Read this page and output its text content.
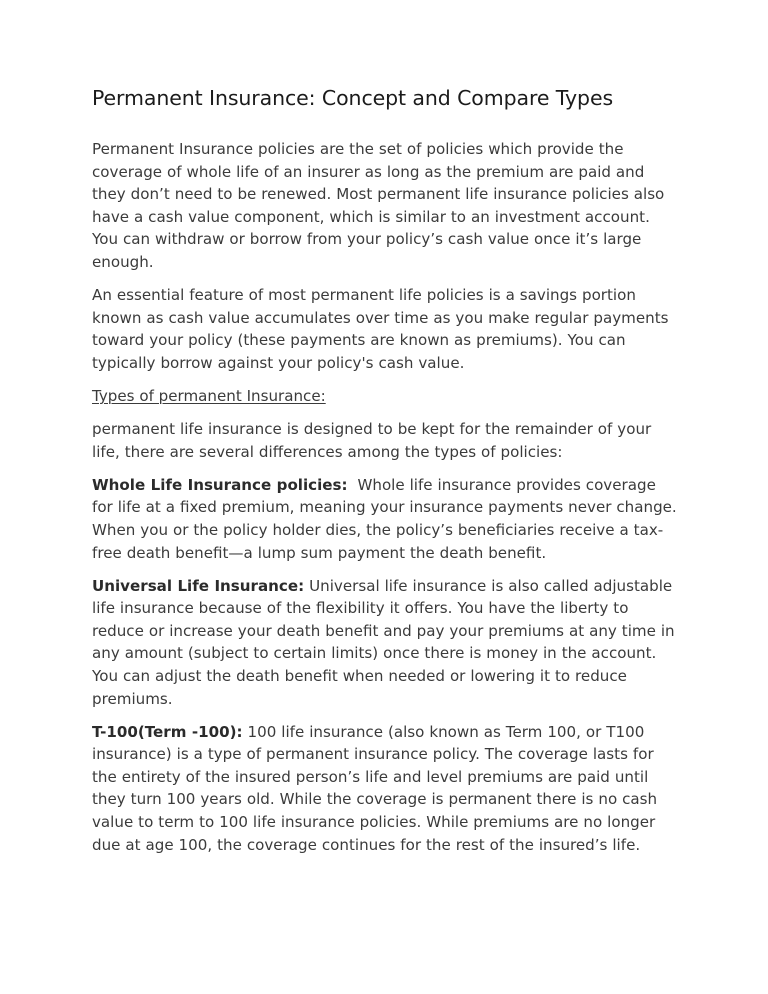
Permanent Insurance: Concept and Compare Types

Permanent Insurance policies are the set of policies which provide the coverage of whole life of an insurer as long as the premium are paid and they don’t need to be renewed. Most permanent life insurance policies also have a cash value component, which is similar to an investment account. You can withdraw or borrow from your policy’s cash value once it’s large enough.

An essential feature of most permanent life policies is a savings portion known as cash value accumulates over time as you make regular payments toward your policy (these payments are known as premiums). You can typically borrow against your policy's cash value.

Types of permanent Insurance:

permanent life insurance is designed to be kept for the remainder of your life, there are several differences among the types of policies:

Whole Life Insurance policies: Whole life insurance provides coverage for life at a fixed premium, meaning your insurance payments never change. When you or the policy holder dies, the policy’s beneficiaries receive a tax-free death benefit—a lump sum payment the death benefit.

Universal Life Insurance: Universal life insurance is also called adjustable life insurance because of the flexibility it offers. You have the liberty to reduce or increase your death benefit and pay your premiums at any time in any amount (subject to certain limits) once there is money in the account. You can adjust the death benefit when needed or lowering it to reduce premiums.

T-100(Term -100): 100 life insurance (also known as Term 100, or T100 insurance) is a type of permanent insurance policy. The coverage lasts for the entirety of the insured person’s life and level premiums are paid until they turn 100 years old. While the coverage is permanent there is no cash value to term to 100 life insurance policies. While premiums are no longer due at age 100, the coverage continues for the rest of the insured’s life.
